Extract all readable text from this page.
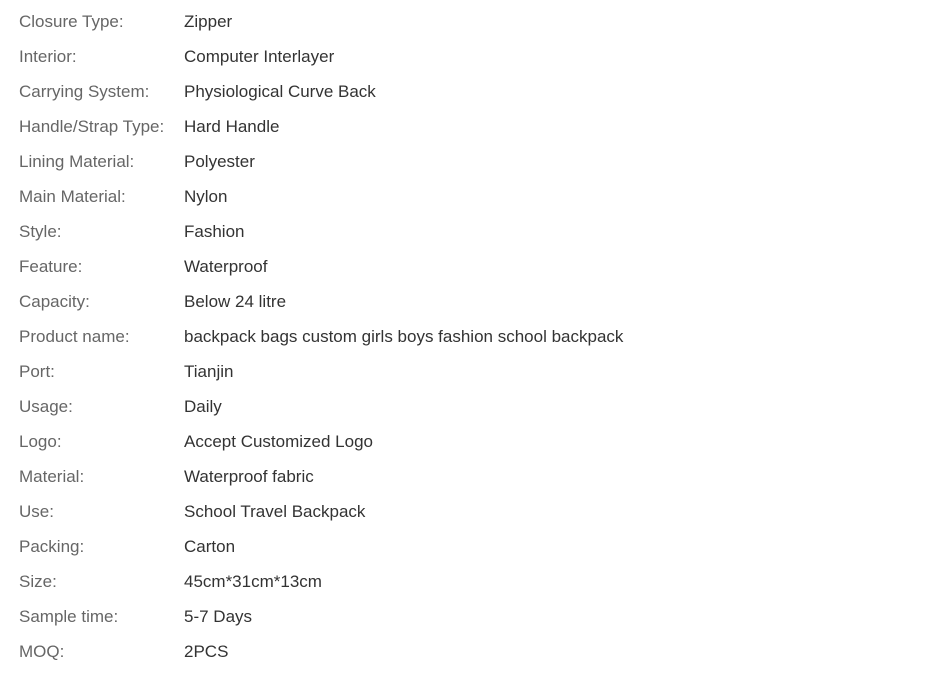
Closure Type:	Zipper
Interior:	Computer Interlayer
Carrying System:	Physiological Curve Back
Handle/Strap Type:	Hard Handle
Lining Material:	Polyester
Main Material:	Nylon
Style:	Fashion
Feature:	Waterproof
Capacity:	Below 24 litre
Product name:	backpack bags custom girls boys fashion school backpack
Port:	Tianjin
Usage:	Daily
Logo:	Accept Customized Logo
Material:	Waterproof fabric
Use:	School Travel Backpack
Packing:	Carton
Size:	45cm*31cm*13cm
Sample time:	5-7 Days
MOQ:	2PCS
